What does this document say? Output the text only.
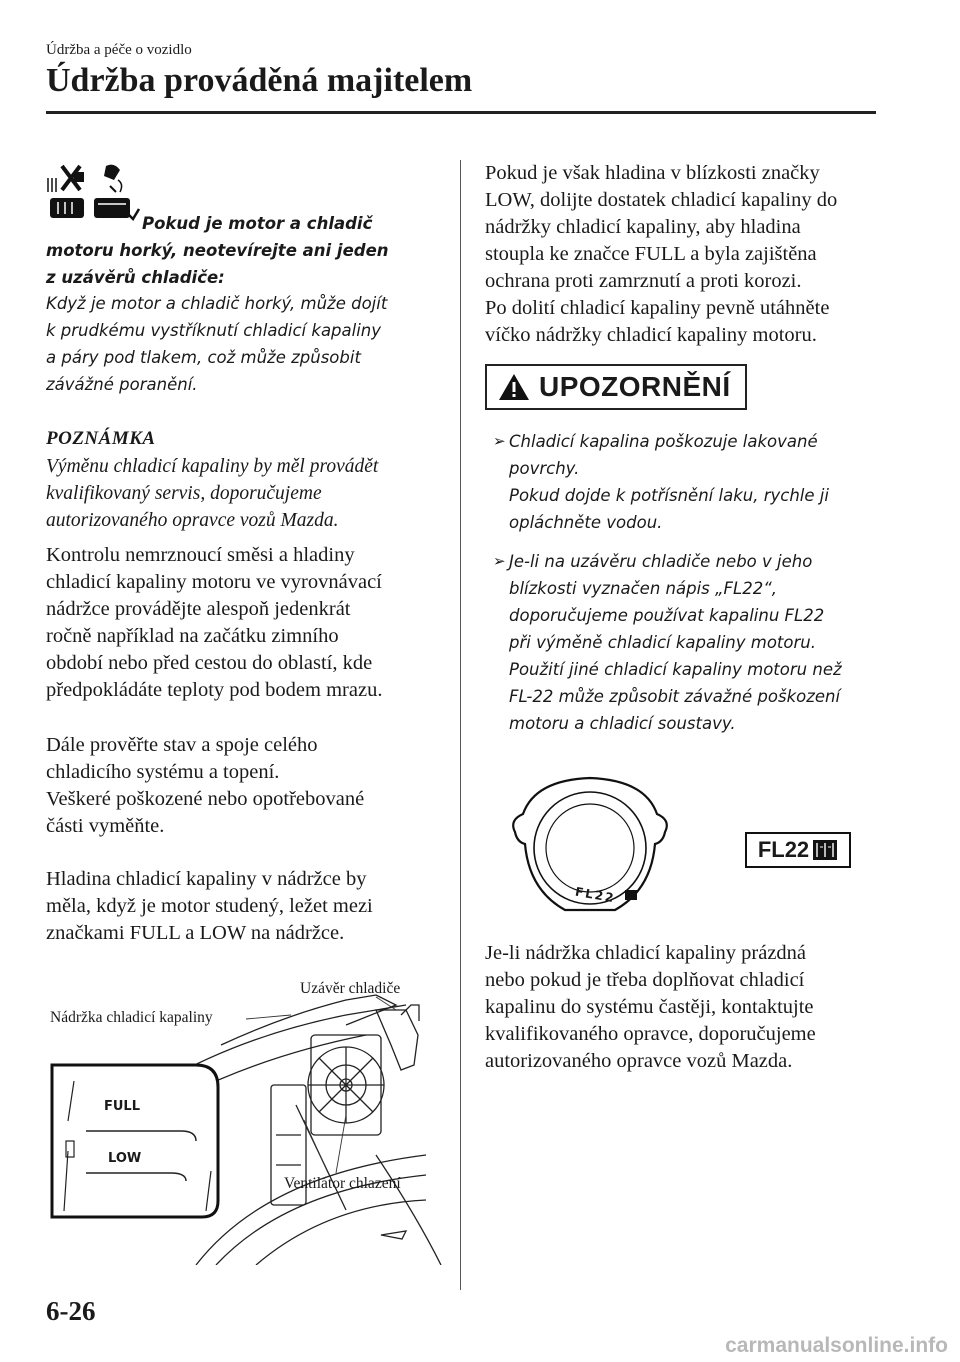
Údržba a péče o vozidlo
Údržba prováděná majitelem
Pokud je motor a chladič
motoru horký, neotevírejte ani jeden
z uzávěrů chladiče:
Když je motor a chladič horký, může dojít
k prudkému vystříknutí chladicí kapaliny
a páry pod tlakem, což může způsobit
závážné poranění.
POZNÁMKA
Výměnu chladicí kapaliny by měl provádět
kvalifikovaný servis, doporučujeme
autorizovaného opravce vozů Mazda.
Kontrolu nemrznoucí směsi a hladiny
chladicí kapaliny motoru ve vyrovnávací
nádržce provádějte alespoň jedenkrát
ročně například na začátku zimního
období nebo před cestou do oblastí, kde
předpokládáte teploty pod bodem mrazu.
Dále prověřte stav a spoje celého
chladicího systému a topení.
Veškeré poškozené nebo opotřebované
části vyměňte.
Hladina chladicí kapaliny v nádržce by
měla, když je motor studený, ležet mezi
značkami FULL a LOW na nádržce.
FULL
LOW
Uzávěr chladiče
Nádržka chladicí kapaliny
Ventilátor chlazení
Pokud je však hladina v blízkosti značky
LOW, dolijte dostatek chladicí kapaliny do
nádržky chladicí kapaliny, aby hladina
stoupla ke značce FULL a byla zajištěna
ochrana proti zamrznutí a proti korozi.
Po dolití chladicí kapaliny pevně utáhněte
víčko nádržky chladicí kapaliny motoru.
UPOZORNĚNÍ
➢ Chladicí kapalina poškozuje lakované
povrchy.
Pokud dojde k potřísnění laku, rychle ji
opláchněte vodou.
➢ Je-li na uzávěru chladiče nebo v jeho
blízkosti vyznačen nápis „FL22“,
doporučujeme používat kapalinu FL22
při výměně chladicí kapaliny motoru.
Použití jiné chladicí kapaliny motoru než
FL-22 může způsobit závažné poškození
motoru a chladicí soustavy.
FL22
FL22
Je-li nádržka chladicí kapaliny prázdná
nebo pokud je třeba doplňovat chladicí
kapalinu do systému častěji, kontaktujte
kvalifikovaného opravce, doporučujeme
autorizovaného opravce vozů Mazda.
6-26
carmanualsonline.info
